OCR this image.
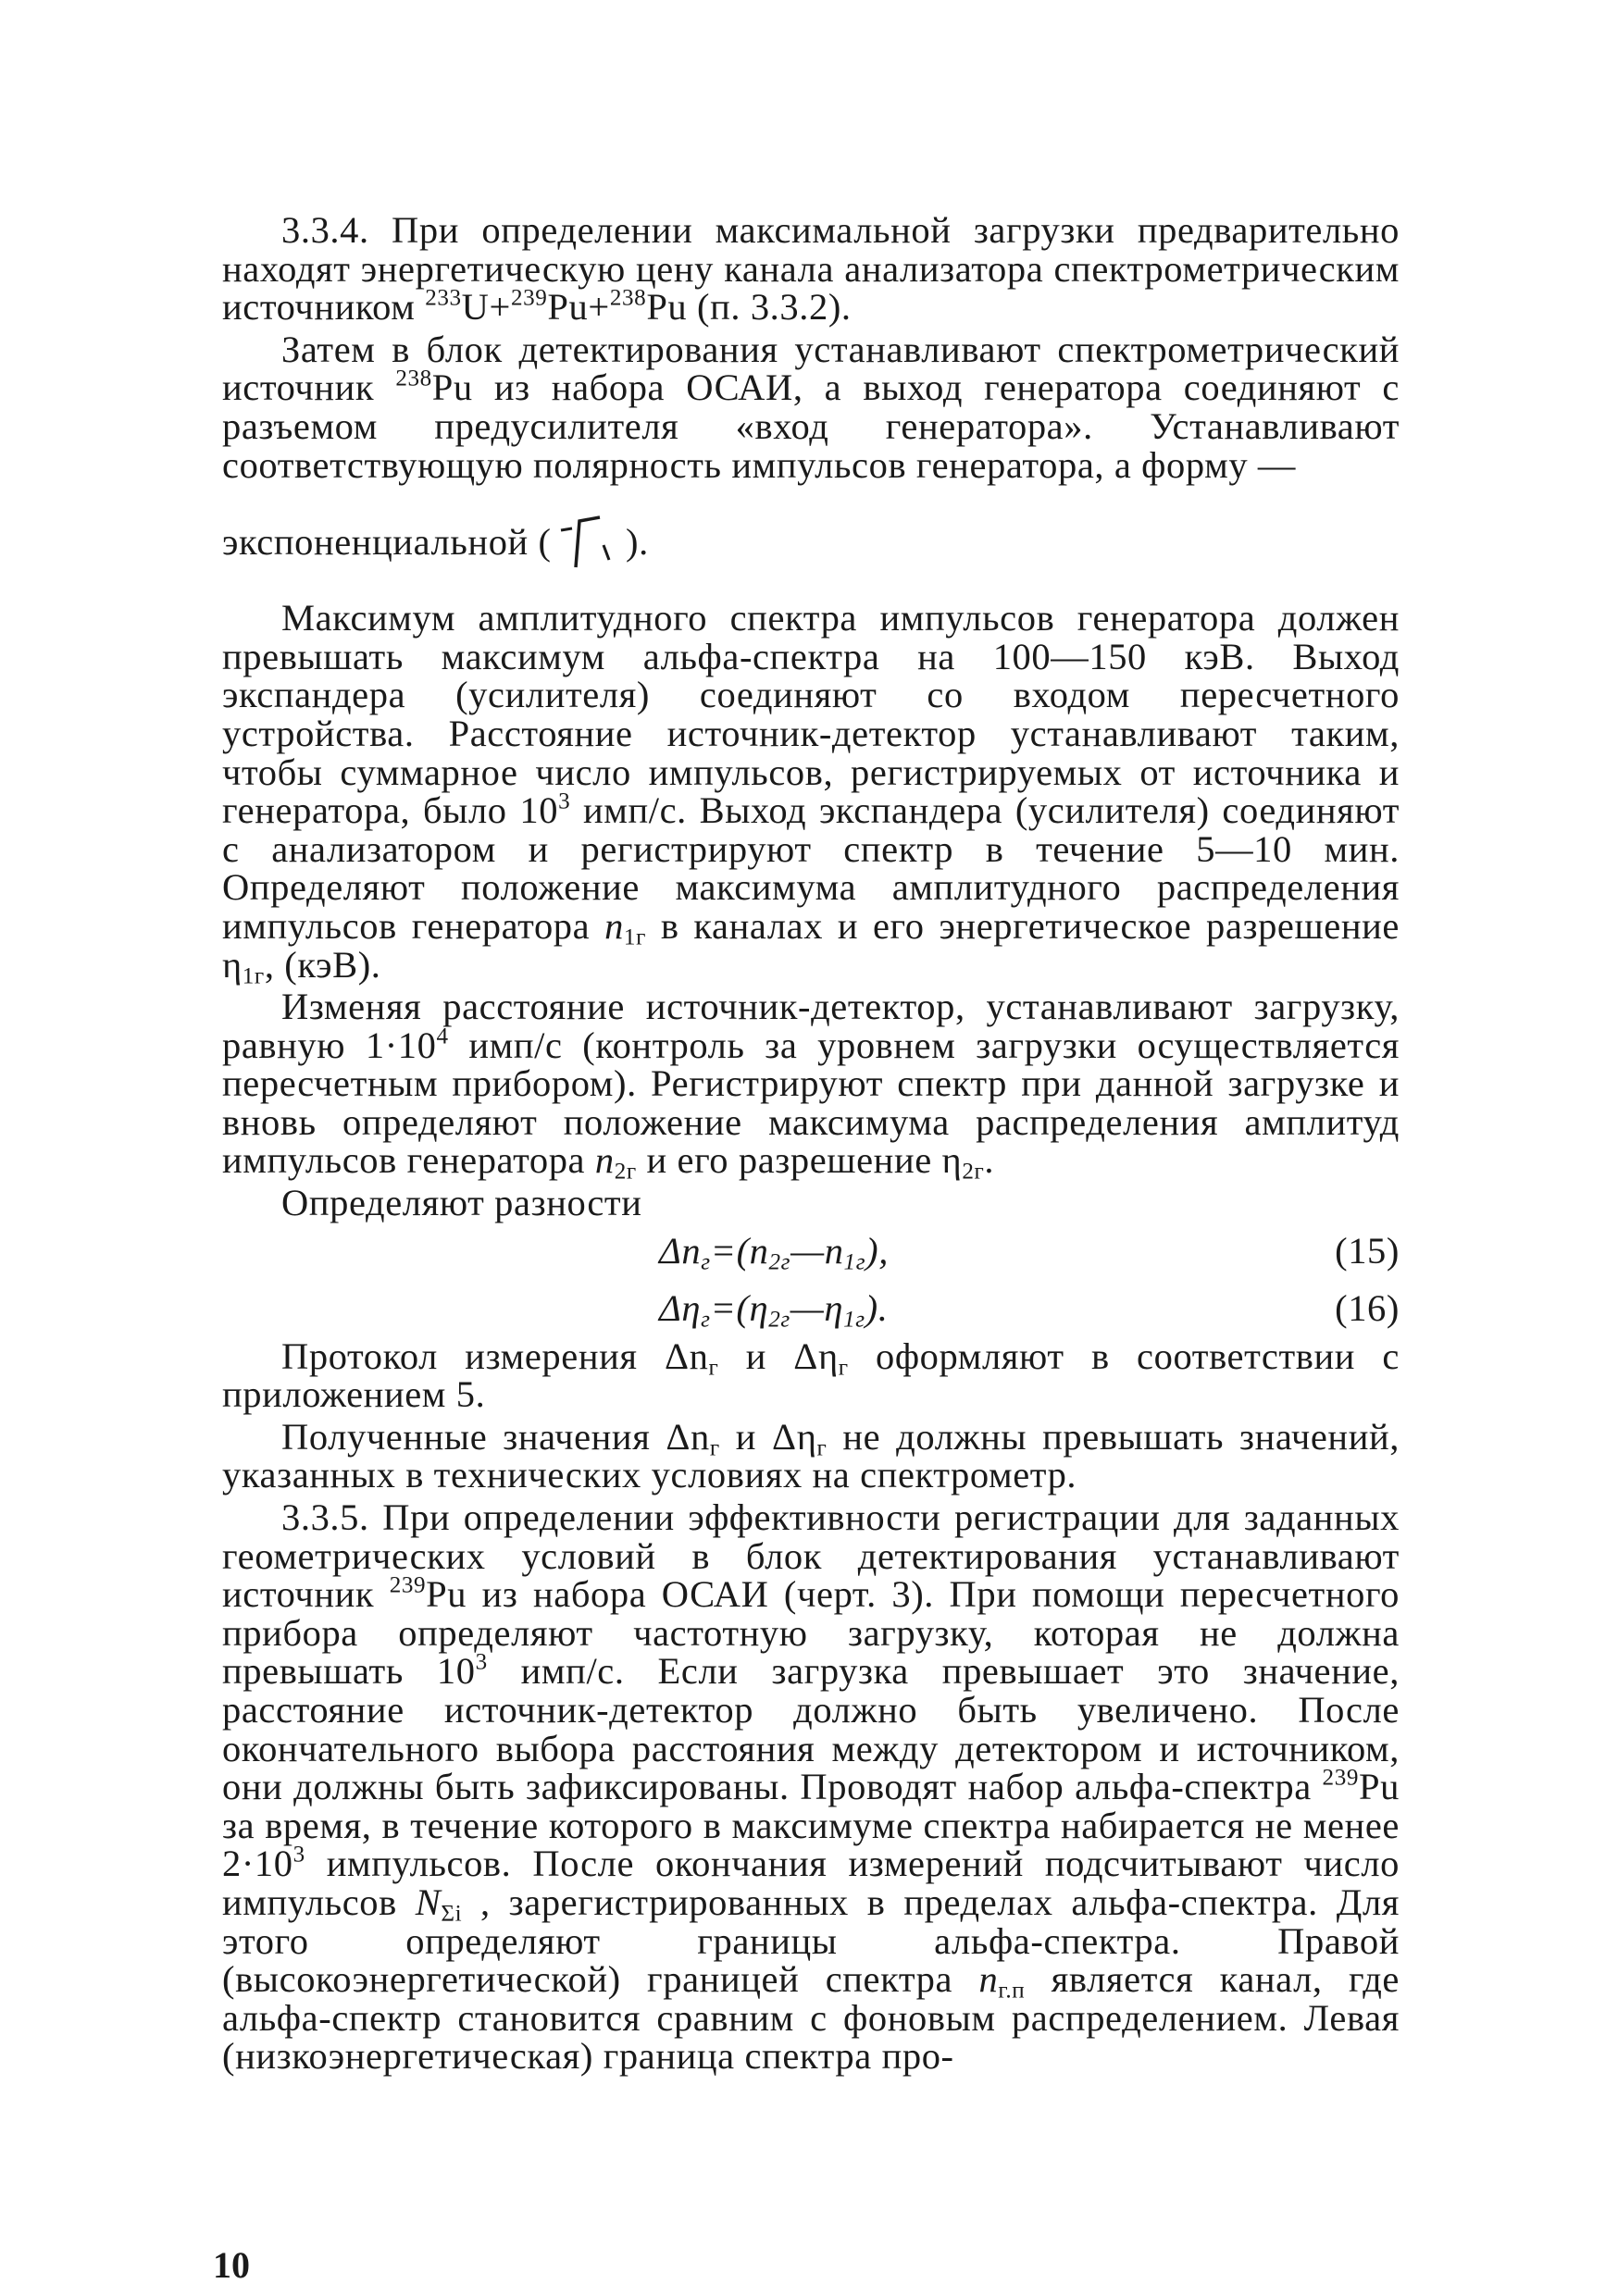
3.3.4. При определении максимальной загрузки предварительно находят энергетическую цену канала анализатора спектрометрическим источником $^{233}$U+$^{239}$Pu+$^{238}$Pu (п. 3.3.2).

Затем в блок детектирования устанавливают спектрометрический источник $^{238}$Pu из набора ОСАИ, а выход генератора соединяют с разъемом предусилителя «вход генератора». Устанавливают соответствующую полярность импульсов генератора, а форму —

экспоненциальной ( ).

Максимум амплитудного спектра импульсов генератора должен превышать максимум альфа-спектра на 100—150 кэВ. Выход экспандера (усилителя) соединяют со входом пересчетного устройства. Расстояние источник-детектор устанавливают таким, чтобы суммарное число импульсов, регистрируемых от источника и генератора, было $10^3$ имп/с. Выход экспандера (усилителя) соединяют с анализатором и регистрируют спектр в течение 5—10 мин. Определяют положение максимума амплитудного распределения импульсов генератора $n_{1г}$ в каналах и его энергетическое разрешение $\eta_{1г}$, (кэВ).

Изменяя расстояние источник-детектор, устанавливают загрузку, равную $1\cdot 10^4$ имп/с (контроль за уровнем загрузки осуществляется пересчетным прибором). Регистрируют спектр при данной загрузке и вновь определяют положение максимума распределения амплитуд импульсов генератора $n_{2г}$ и его разрешение $\eta_{2г}$.

Определяют разности

$\Delta n_г=(n_{2г}—n_{1г})$,	(15)
$\Delta\eta_г=(\eta_{2г}—\eta_{1г})$.	(16)

Протокол измерения $\Delta n_г$ и $\Delta\eta_г$ оформляют в соответствии с приложением 5.

Полученные значения $\Delta n_г$ и $\Delta\eta_г$ не должны превышать значений, указанных в технических условиях на спектрометр.

3.3.5. При определении эффективности регистрации для заданных геометрических условий в блок детектирования устанавливают источник $^{239}$Pu из набора ОСАИ (черт. 3). При помощи пересчетного прибора определяют частотную загрузку, которая не должна превышать $10^3$ имп/с. Если загрузка превышает это значение, расстояние источник-детектор должно быть увеличено. После окончательного выбора расстояния между детектором и источником, они должны быть зафиксированы. Проводят набор альфа-спектра $^{239}$Pu за время, в течение которого в максимуме спектра набирается не менее $2\cdot 10^3$ импульсов. После окончания измерений подсчитывают число импульсов $N_{\Sigma i}$ , зарегистрированных в пределах альфа-спектра. Для этого определяют границы альфа-спектра. Правой (высокоэнергетической) границей спектра $n_{г.п}$ является канал, где альфа-спектр становится сравним с фоновым распределением. Левая (низкоэнергетическая) граница спектра про-

10
